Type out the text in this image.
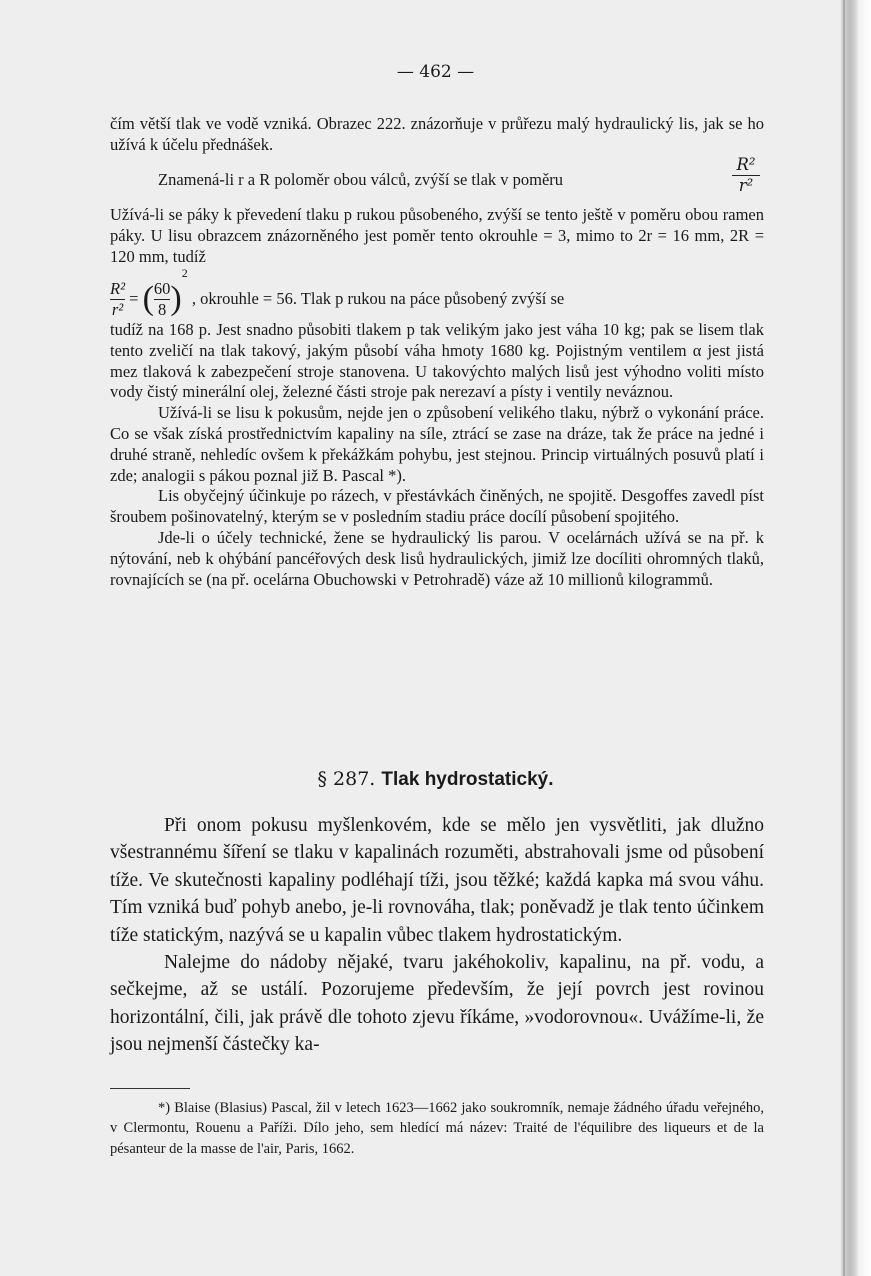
— 462 —

čím větší tlak ve vodě vzniká. Obrazec 222. znázorňuje v průřezu malý hydraulický lis, jak se ho užívá k účelu přednášek.

Znamená-li r a R poloměr obou válců, zvýší se tlak v poměru

R²
r²

Užívá-li se páky k převedení tlaku p rukou působeného, zvýší se tento ještě v poměru obou ramen páky. U lisu obrazcem znázorněného jest poměr tento okrouhle = 3, mimo to 2r = 16 mm, 2R = 120 mm, tudíž

$\frac{\text{R²}}{\text{r²}} = (\frac{60}{8})^2$ , okrouhle = 56. Tlak p rukou na páce působený zvýší se

tudíž na 168 p. Jest snadno působiti tlakem p tak velikým jako jest váha 10 kg; pak se lisem tlak tento zveličí na tlak takový, jakým působí váha hmoty 1680 kg. Pojistným ventilem α jest jistá mez tlaková k zabezpečení stroje stanovena. U takovýchto malých lisů jest výhodno voliti místo vody čistý minerální olej, železné části stroje pak nerezaví a písty i ventily neváznou.

Užívá-li se lisu k pokusům, nejde jen o způsobení velikého tlaku, nýbrž o vykonání práce. Co se však získá prostřednictvím kapaliny na síle, ztrácí se zase na dráze, tak že práce na jedné i druhé straně, nehledíc ovšem k překážkám pohybu, jest stejnou. Princip virtuálných posuvů platí i zde; analogii s pákou poznal již B. Pascal *).

Lis obyčejný účinkuje po rázech, v přestávkách činěných, ne spojitě. Desgoffes zavedl píst šroubem pošinovatelný, kterým se v posledním stadiu práce docílí působení spojitého.

Jde-li o účely technické, žene se hydraulický lis parou. V ocelárnách užívá se na př. k nýtování, neb k ohýbání pancéřových desk lisů hydraulických, jimiž lze docíliti ohromných tlaků, rovnajících se (na př. ocelárna Obuchowski v Petrohradě) váze až 10 millionů kilogrammů.

§ 287. Tlak hydrostatický.

Při onom pokusu myšlenkovém, kde se mělo jen vysvětliti, jak dlužno všestrannému šíření se tlaku v kapalinách rozuměti, abstrahovali jsme od působení tíže. Ve skutečnosti kapaliny podléhají tíži, jsou těžké; každá kapka má svou váhu. Tím vzniká buď pohyb anebo, je-li rovnováha, tlak; poněvadž je tlak tento účinkem tíže statickým, nazývá se u kapalin vůbec tlakem hydrostatickým.

Nalejme do nádoby nějaké, tvaru jakéhokoliv, kapalinu, na př. vodu, a sečkejme, až se ustálí. Pozorujeme především, že její povrch jest rovinou horizontální, čili, jak právě dle tohoto zjevu říkáme, »vodorovnou«. Uvážíme-li, že jsou nejmenší částečky ka-

*) Blaise (Blasius) Pascal, žil v letech 1623—1662 jako soukromník, nemaje žádného úřadu veřejného, v Clermontu, Rouenu a Paříži. Dílo jeho, sem hledící má název: Traité de l'équilibre des liqueurs et de la pésanteur de la masse de l'air, Paris, 1662.
